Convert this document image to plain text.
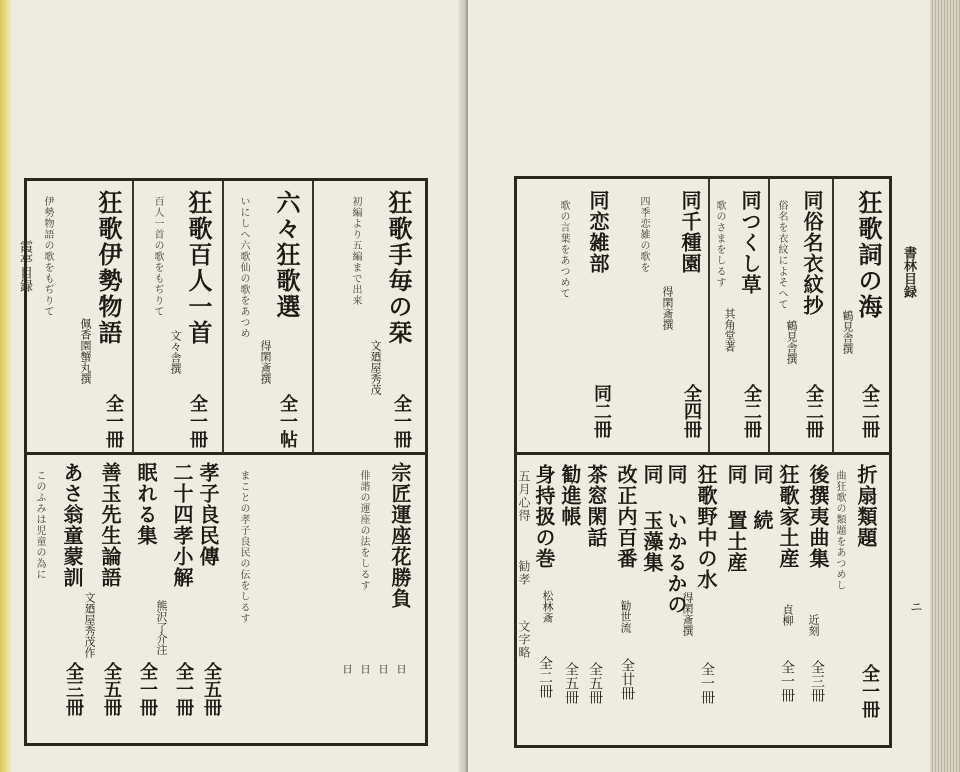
霞亭目録	狂歌手毎の栞
文廼屋秀茂
全一冊
初編より五編まで出来
六々狂歌選
得閑斎撰
全一帖
いにしへ六歌仙の歌をあつめ
狂歌百人一首
文々舎撰
全一冊
百人一首の歌をもぢりて
狂歌伊勢物語
佩香園蟹丸撰
全一冊
伊勢物語の歌をもぢりて
宗匠運座花勝負
俳諧の運座の法をしるす
日
日
日
日
孝子良民傳
全五冊
まことの孝子良民の伝をしるす
二十四孝小解
熊沢了介注
全一冊
眠れる集
全一冊
善玉先生論語
文廼屋秀茂作
全五冊
あさ翁童蒙訓
全三冊
このふみは児童の為に
書林目録
ニ
狂歌詞の海
鶴見舎撰
全二冊
同俗名衣紋抄
鶴見舎撰
全二冊
俗名を衣紋によそへて
同つくし草
其角堂著
全二冊
歌のさまをしるす
同千種園
得閑斎撰
全四冊
四季恋雑の歌を
同恋雑部
同二冊
歌の言葉をあつめて
折扇類題
全一冊
曲狂歌の類題をあつめし
後撰夷曲集
近刻
全三冊
狂歌家土産
貞柳
全一冊
同 続
同 置土産
狂歌野中の水
得閑斎撰
全一冊
同 いかるかの
同 玉藻集
改正内百番
勧世流
全廿冊
茶窓閑話
全五冊
勧進帳
全五冊
身持扱の巻
松林斎
全二冊
五月心得
勧孝
文字略
